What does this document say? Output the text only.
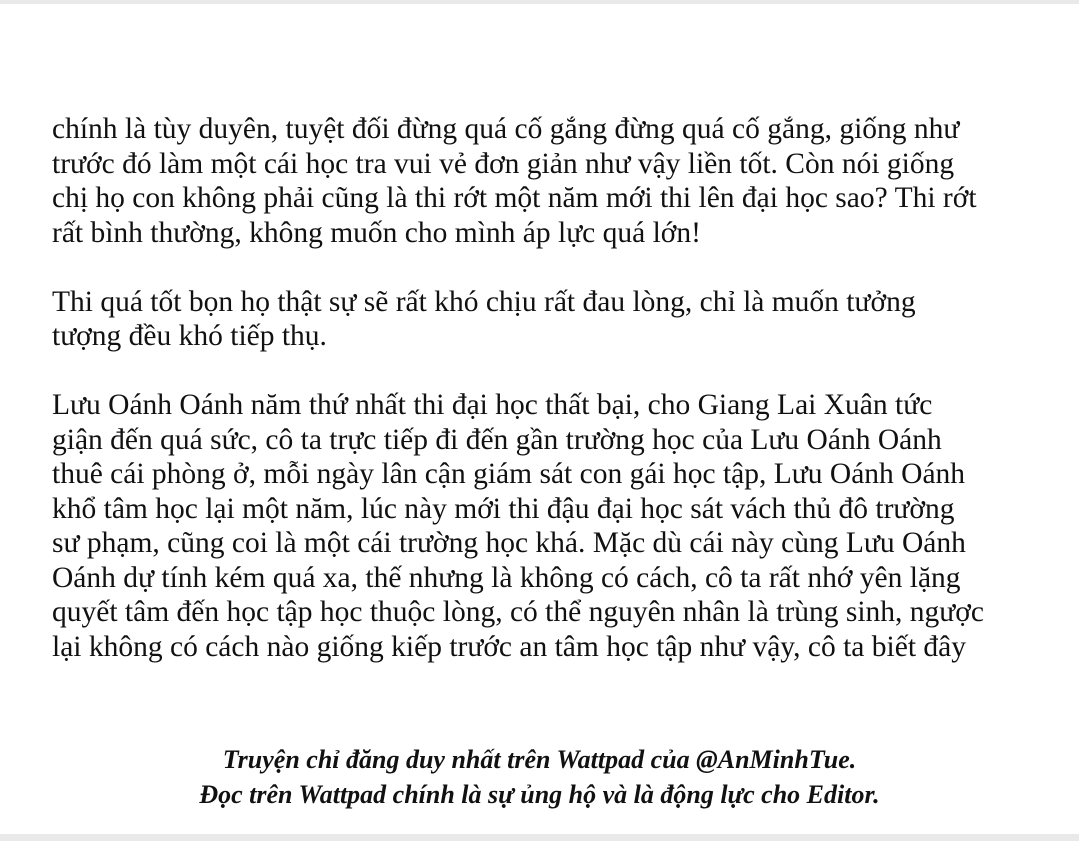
chính là tùy duyên, tuyệt đối đừng quá cố gắng đừng quá cố gắng, giống như
trước đó làm một cái học tra vui vẻ đơn giản như vậy liền tốt. Còn nói giống
chị họ con không phải cũng là thi rớt một năm mới thi lên đại học sao? Thi rớt
rất bình thường, không muốn cho mình áp lực quá lớn!

Thi quá tốt bọn họ thật sự sẽ rất khó chịu rất đau lòng, chỉ là muốn tưởng
tượng đều khó tiếp thụ.

Lưu Oánh Oánh năm thứ nhất thi đại học thất bại, cho Giang Lai Xuân tức
giận đến quá sức, cô ta trực tiếp đi đến gần trường học của Lưu Oánh Oánh
thuê cái phòng ở, mỗi ngày lân cận giám sát con gái học tập, Lưu Oánh Oánh
khổ tâm học lại một năm, lúc này mới thi đậu đại học sát vách thủ đô trường
sư phạm, cũng coi là một cái trường học khá. Mặc dù cái này cùng Lưu Oánh
Oánh dự tính kém quá xa, thế nhưng là không có cách, cô ta rất nhớ yên lặng
quyết tâm đến học tập học thuộc lòng, có thể nguyên nhân là trùng sinh, ngược
lại không có cách nào giống kiếp trước an tâm học tập như vậy, cô ta biết đây

Truyện chỉ đăng duy nhất trên Wattpad của @AnMinhTue.
Đọc trên Wattpad chính là sự ủng hộ và là động lực cho Editor.
